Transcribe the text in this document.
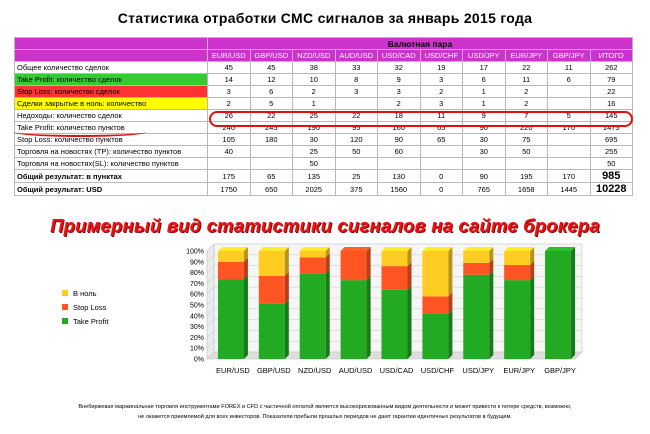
Статистика отработки СМС сигналов за январь 2015 года
	Валютная пара									
	EUR/USD	GBP/USD	NZD/USD	AUD/USD	USD/CAD	USD/CHF	USD/JPY	EUR/JPY	GBP/JPY	ИТОГО
Общее количество сделок	45	45	38	33	32	19	17	22	11	262
Take Profit: количество сделок	14	12	10	8	9	3	6	11	6	79
Stop Loss: количество сделок	3	6	2	3	3	2	1	2		22
Сделки закрытые в ноль: количество	2	5	1		2	3	1	2		16
Недоходы: количество сделок	26	22	25	22	18	11	9	7	5	145
Take Profit: количество пунктов	240	245	190	95	160	65	90	220	170	1475
Stop Loss: количество пунктов	105	180	30	120	90	65	30	75		695
Торговля на новостях (TP): количество пунктов	40		25	50	60		30	50		255
Торговля на новостях(SL): количество пунктов			50							50
Общий результат: в пунктах	175	65	135	25	130	0	90	195	170	985
Общий результат: USD	1750	650	2025	375	1560	0	765	1658	1445	10228
Примерный вид статистики сигналов на сайте брокера
0%
10%
20%
30%
40%
50%
60%
70%
80%
90%
100%
EUR/USD GBP/USD NZD/USD AUD/USD USD/CAD USD/CHF USD/JPY EUR/JPY GBP/JPY
В ноль
Stop Loss
Take Profit
Внебиржевая маржинальная торговля инструментами FOREX и CFD с частичной оплатой является высокорискованным видом деятельности и может привести к потере средств, возможно,
не окажется приемлемой для всех инвесторов. Показатели прибыли прошлых периодов не дают гарантии идентичных результатов в будущем.
